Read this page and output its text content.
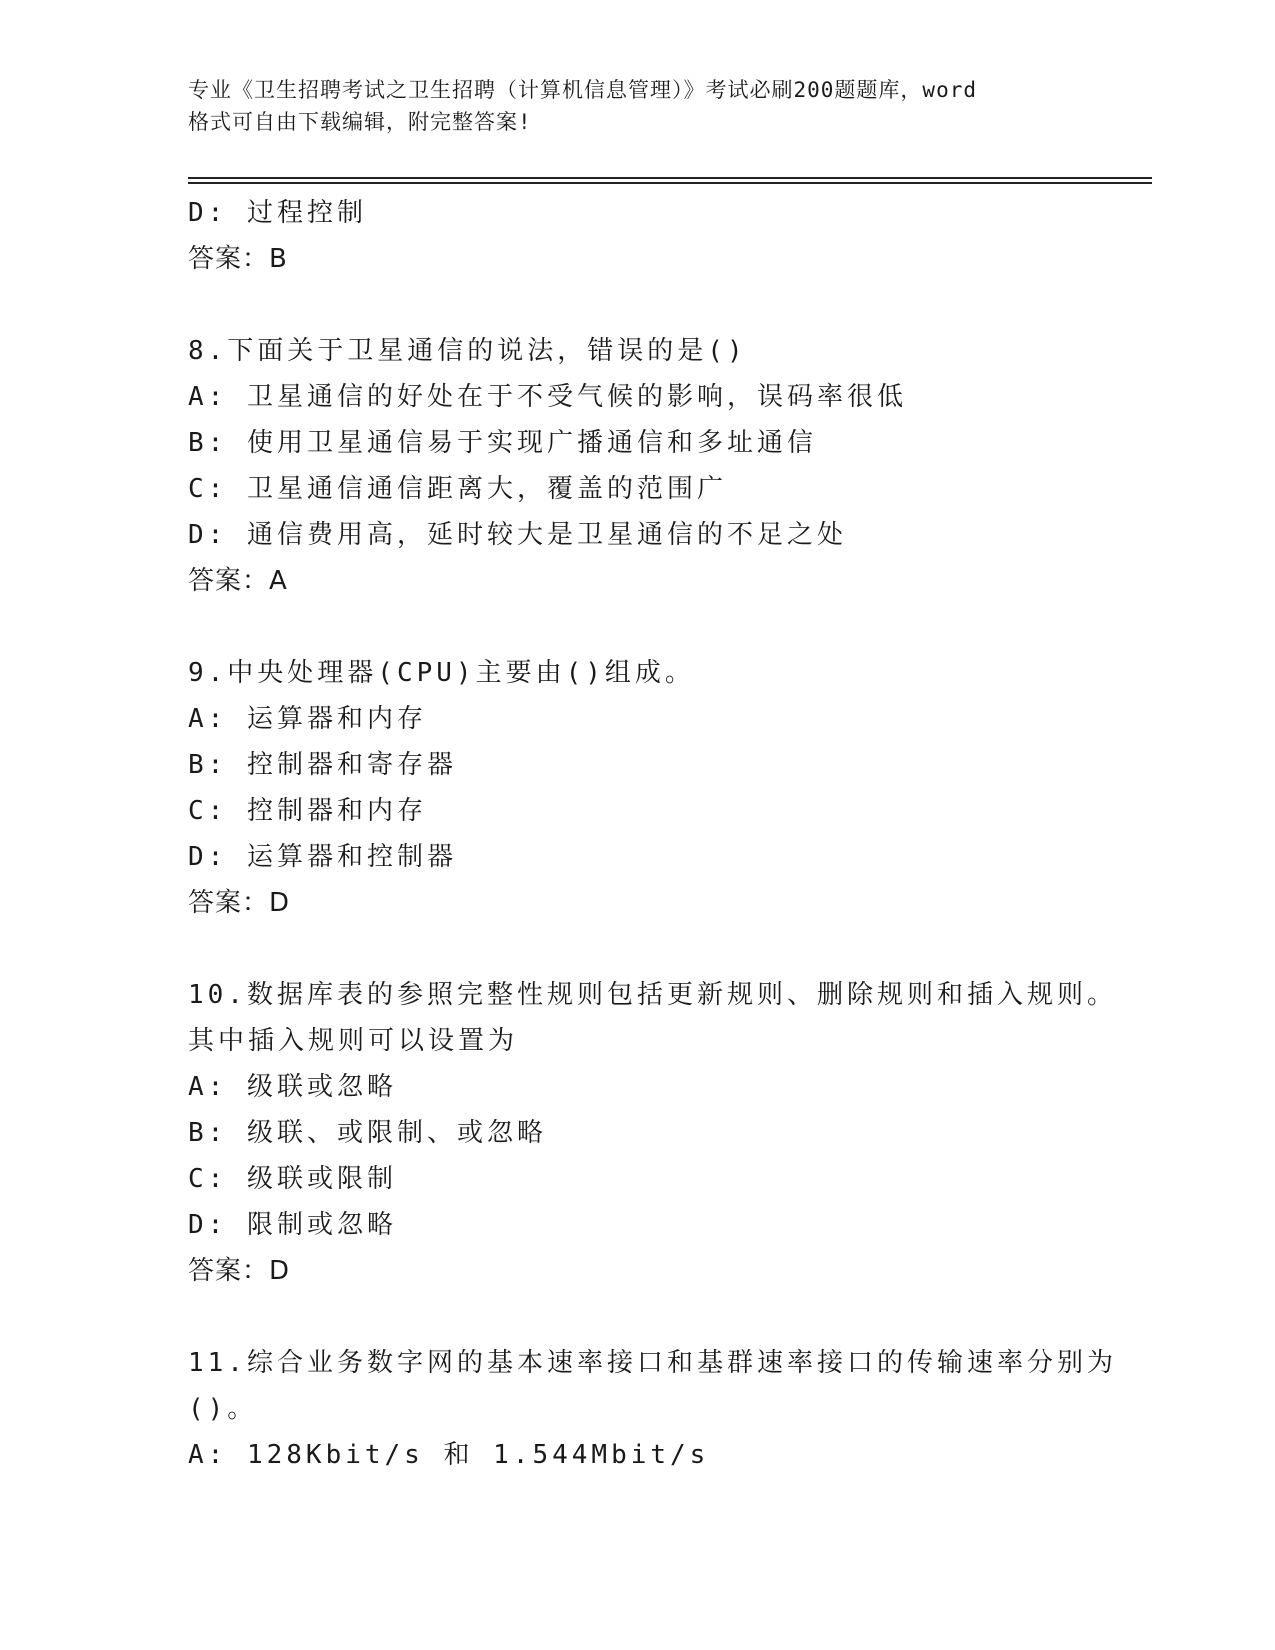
专业《卫生招聘考试之卫生招聘（计算机信息管理）》考试必刷200题题库，word
格式可自由下载编辑，附完整答案!
D: 过程控制
答案：B
8.下面关于卫星通信的说法，错误的是()
A: 卫星通信的好处在于不受气候的影响，误码率很低
B: 使用卫星通信易于实现广播通信和多址通信
C: 卫星通信通信距离大，覆盖的范围广
D: 通信费用高，延时较大是卫星通信的不足之处
答案：A
9.中央处理器(CPU)主要由()组成。
A: 运算器和内存
B: 控制器和寄存器
C: 控制器和内存
D: 运算器和控制器
答案：D
10.数据库表的参照完整性规则包括更新规则、删除规则和插入规则。
其中插入规则可以设置为
A: 级联或忽略
B: 级联、或限制、或忽略
C: 级联或限制
D: 限制或忽略
答案：D
11.综合业务数字网的基本速率接口和基群速率接口的传输速率分别为
()。
A: 128Kbit/s 和 1.544Mbit/s
